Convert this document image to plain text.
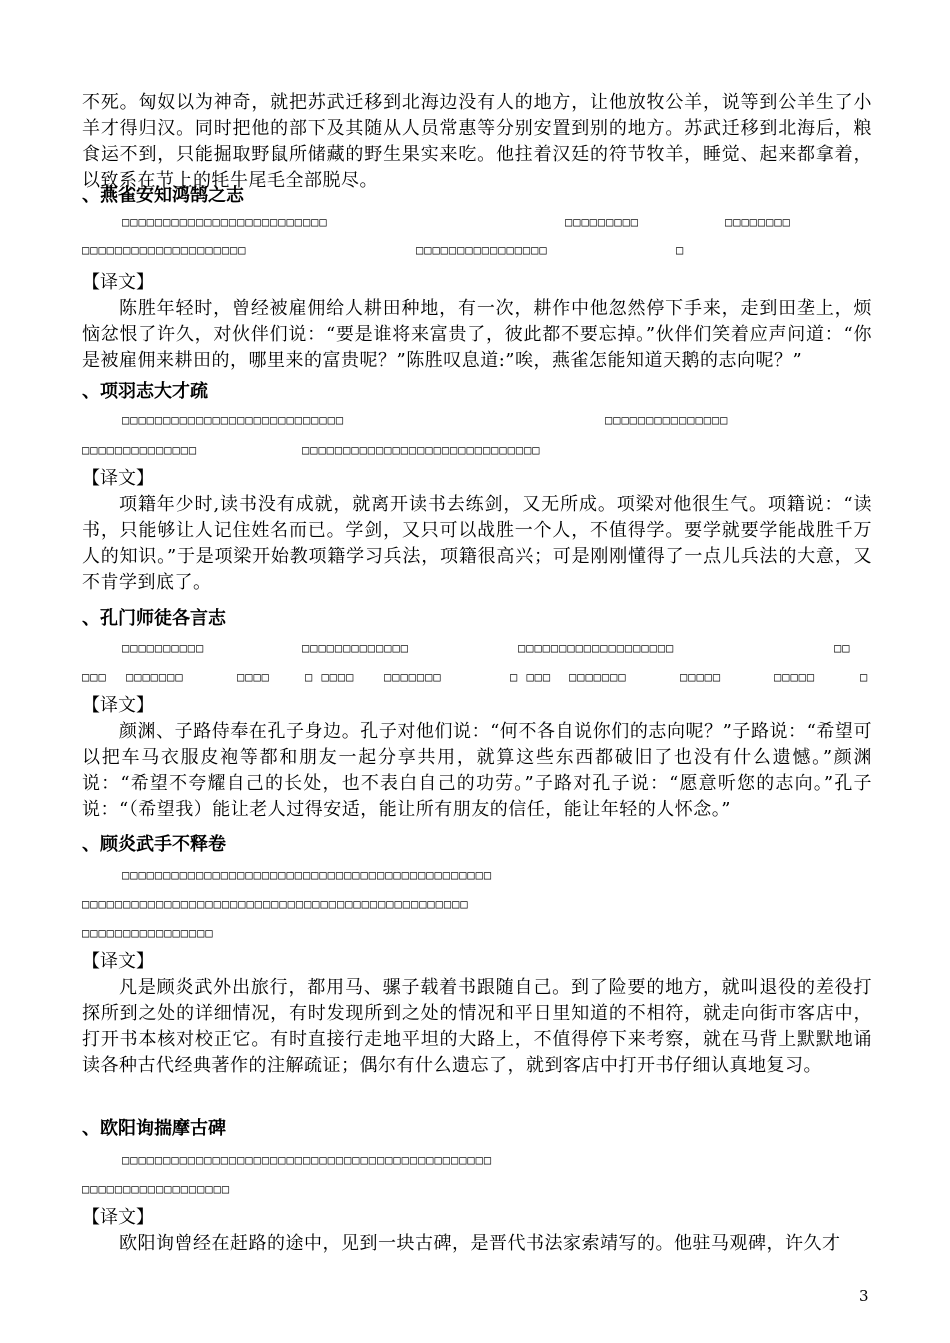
不死。匈奴以为神奇，就把苏武迁移到北海边没有人的地方，让他放牧公羊，说等到公羊生了小羊才得归汉。同时把他的部下及其随从人员常惠等分别安置到别的地方。苏武迁移到北海后，粮食运不到，只能掘取野鼠所储藏的野生果实来吃。他拄着汉廷的符节牧羊，睡觉、起来都拿着，以致系在节上的牦牛尾毛全部脱尽。

、燕雀安知鸿鹄之志
□□□□□□□□□□□□□□□□□□□□□□□□□	□□□□□□□□□	□□□□□□□□
□□□□□□□□□□□□□□□□□□□□	□□□□□□□□□□□□□□□□	□
【译文】

陈胜年轻时，曾经被雇佣给人耕田种地，有一次，耕作中他忽然停下手来，走到田垄上，烦恼忿恨了许久，对伙伴们说：“要是谁将来富贵了，彼此都不要忘掉。”伙伴们笑着应声问道：“你是被雇佣来耕田的，哪里来的富贵呢？”陈胜叹息道:”唉，燕雀怎能知道天鹅的志向呢？”

、项羽志大才疏
□□□□□□□□□□□□□□□□□□□□□□□□□□□	□□□□□□□□□□□□□□□
□□□□□□□□□□□□□□	□□□□□□□□□□□□□□□□□□□□□□□□□□□□□
【译文】

项籍年少时,读书没有成就，就离开读书去练剑，又无所成。项梁对他很生气。项籍说：“读书，只能够让人记住姓名而已。学剑，又只可以战胜一个人，不值得学。要学就要学能战胜千万人的知识。”于是项梁开始教项籍学习兵法，项籍很高兴；可是刚刚懂得了一点儿兵法的大意，又不肯学到底了。

、孔门师徒各言志
□□□□□□□□□□	□□□□□□□□□□□□□	□□□□□□□□□□□□□□□□□□□	□□
□□□ □□□□□□□	□□□□	□ □□□□ □□□□□□□	□ □□□ □□□□□□□	□□□□□	□□□□□	□
【译文】

颜渊、子路侍奉在孔子身边。孔子对他们说：“何不各自说你们的志向呢？”子路说：“希望可以把车马衣服皮袍等都和朋友一起分享共用，就算这些东西都破旧了也没有什么遗憾。”颜渊说：“希望不夸耀自己的长处，也不表白自己的功劳。”子路对孔子说：“愿意听您的志向。”孔子说：“（希望我）能让老人过得安适，能让所有朋友的信任，能让年轻的人怀念。”

、顾炎武手不释卷
□□□□□□□□□□□□□□□□□□□□□□□□□□□□□□□□□□□□□□□□□□□□□
□□□□□□□□□□□□□□□□□□□□□□□□□□□□□□□□□□□□□□□□□□□□□□□
□□□□□□□□□□□□□□□□
【译文】

凡是顾炎武外出旅行，都用马、骡子载着书跟随自己。到了险要的地方，就叫退役的差役打探所到之处的详细情况，有时发现所到之处的情况和平日里知道的不相符，就走向街市客店中，打开书本核对校正它。有时直接行走地平坦的大路上，不值得停下来考察，就在马背上默默地诵读各种古代经典著作的注解疏证；偶尔有什么遗忘了，就到客店中打开书仔细认真地复习。

、欧阳询揣摩古碑
□□□□□□□□□□□□□□□□□□□□□□□□□□□□□□□□□□□□□□□□□□□□□
□□□□□□□□□□□□□□□□□□
【译文】

欧阳询曾经在赶路的途中，见到一块古碑，是晋代书法家索靖写的。他驻马观碑，许久才

3
